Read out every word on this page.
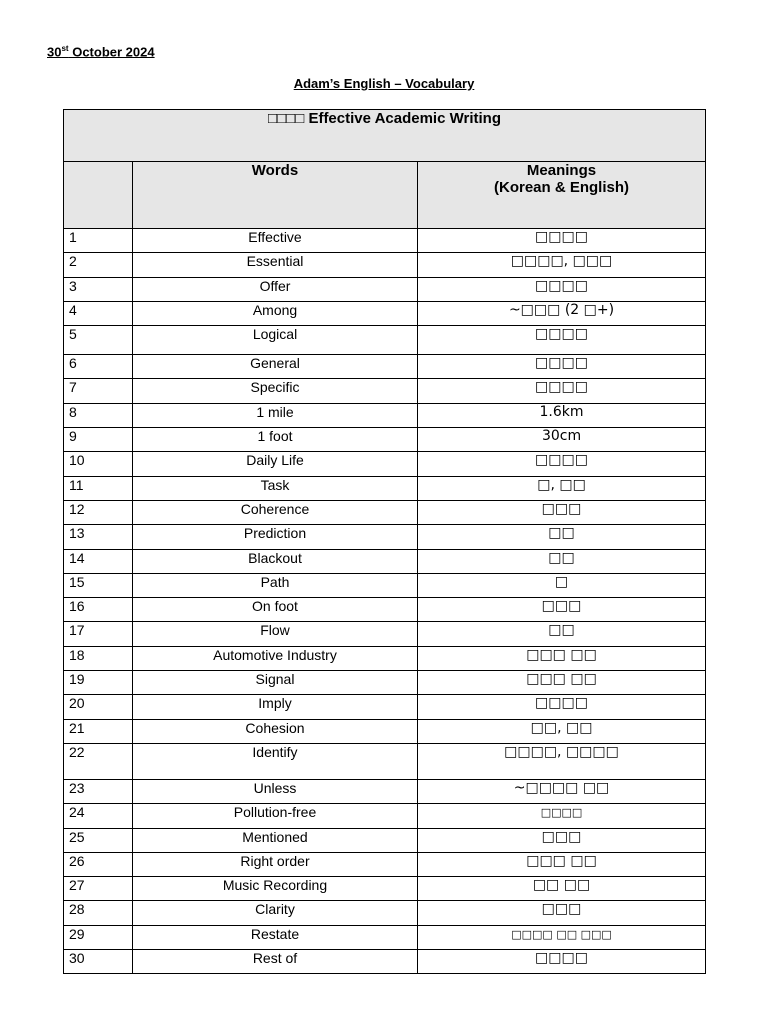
30st October 2024
Adam’s English – Vocabulary
□□□□ Effective Academic Writing		
	Words	Meanings
(Korean & English)
1	Effective	□□□□
2	Essential	□□□□, □□□
3	Offer	□□□□
4	Among	~□□□ (2 □+)
5	Logical	□□□□
6	General	□□□□
7	Specific	□□□□
8	1 mile	1.6km
9	1 foot	30cm
10	Daily Life	□□□□
11	Task	□, □□
12	Coherence	□□□
13	Prediction	□□
14	Blackout	□□
15	Path	□
16	On foot	□□□
17	Flow	□□
18	Automotive Industry	□□□ □□
19	Signal	□□□ □□
20	Imply	□□□□
21	Cohesion	□□, □□
22	Identify	□□□□, □□□□
23	Unless	~□□□□ □□
24	Pollution-free	□□□□
25	Mentioned	□□□
26	Right order	□□□ □□
27	Music Recording	□□ □□
28	Clarity	□□□
29	Restate	□□□□ □□ □□□
30	Rest of	□□□□
